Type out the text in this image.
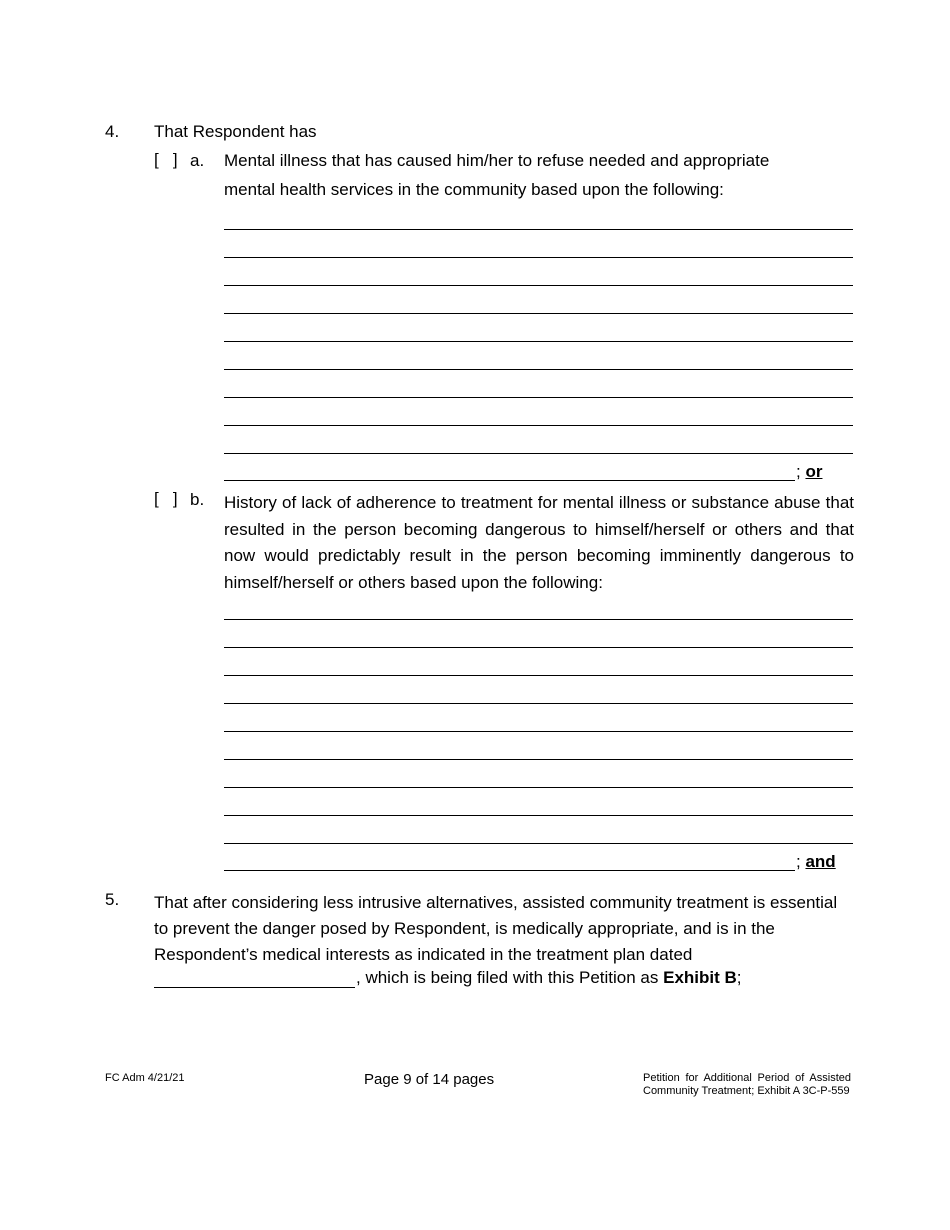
4. That Respondent has
[   ] a. Mental illness that has caused him/her to refuse needed and appropriate
mental health services in the community based upon the following:
; or
[   ] b. History of lack of adherence to treatment for mental illness or substance abuse that resulted in the person becoming dangerous to himself/herself or others and that now would predictably result in the person becoming imminently dangerous to himself/herself or others based upon the following:
; and
5. That after considering less intrusive alternatives, assisted community treatment is essential to prevent the danger posed by Respondent, is medically appropriate, and is in the Respondent’s medical interests as indicated in the treatment plan dated
, which is being filed with this Petition as Exhibit B;
FC Adm 4/21/21	Page 9 of 14 pages	Petition for Additional Period of Assisted
Community Treatment; Exhibit A 3C-P-559
